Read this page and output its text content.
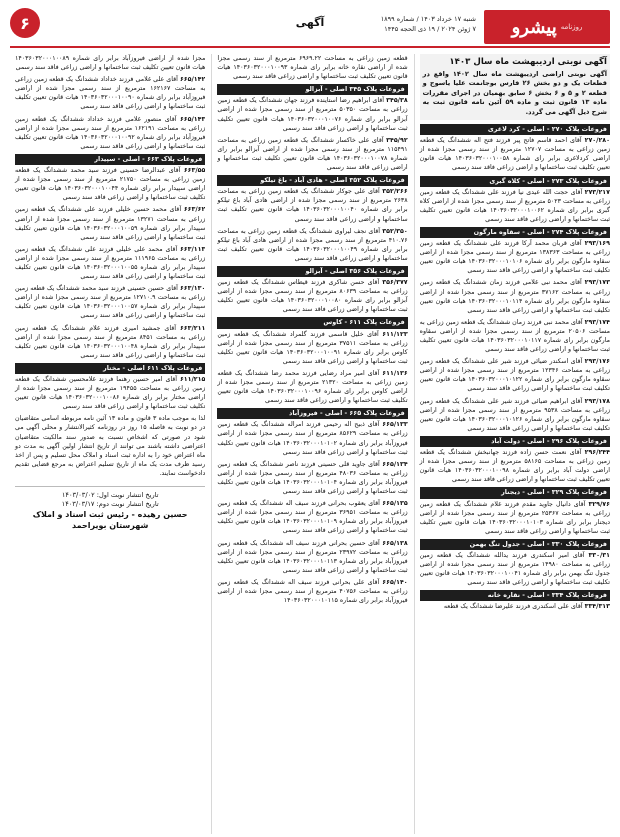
روزنامه
پیشرو
شنبه ۱۷ خرداد ۱۴۰۳ / شماره ۱۸۹۹
۷ ژوئن ۲۰۲۴ / ۱۹ ذی الحجه ۱۴۴۵
آگهی
۶
آگهی نوبتی اردیبهشت ماه سال ۱۴۰۳
آگهی نوبتی اراضی اردیبهشت ماه سال ۱۴۰۲ واقع در قطعات یک و دو بخش ۲۶ فارس بوجانمت علیا یاسوج و قطعه ۲ و ۵ و ۶ بخش ۶ سابق بهمیان در اجرای مقررات ماده ۱۳ قانون ثبت و ماده ۵۹ آئین نامه قانون ثبت به شرح ذیل آگهی می گردد.
فروعات پلاک ۲۷۰ - اصلی - کرد لاغری
۲۷۰/۲۸۰ آقای احمد قاسم فاتح پیر فرزند فتح اله ششدانگ یک قطعه زمین زراعی به مساحت ۱۲۷۰۷ مترمربع از سند رسمی مجزا شده از اراضی کردلاغری برابر رای شماره ۱۴۰۳۶۰۳۲۰۰۰۱۰۰۵۸ هیات قانون تعیین تکلیف ثبت ساختمانها و اراضی زراعی فاقد سند رسمی
فروعات پلاک ۲۷۳ - اصلی - کلاه گبری
۲۷۳/۲۱۷ آقای حجت الله عیدی نیا فرزند علی ششدانگ یک قطعه زمین زراعی به مساحت ۵۰۲۳ مترمربع از سند رسمی مجزا شده از اراضی کلاه گبری برابر رای شماره ۱۴۰۳۶۰۳۲۰۰۰۱۰۰۶۲ هیات قانون تعیین تکلیف ثبت ساختمانها و اراضی زراعی فاقد سند رسمی
فروعات پلاک ۲۷۴ - اصلی - سقاوه مارگون
۲۹۳/۱۶۹ آقای قربان محمد آرکا فرزند علی ششدانگ یک قطعه زمین زراعی به مساحت ۱۳۸۳۶۳ مترمربع از سند رسمی مجزا شده از اراضی سقاوه مارگون برابر رای شماره ۱۴۰۳۶۰۳۲۰۰۰۱۰۱۰۶ هیات قانون تعیین تکلیف ثبت ساختمانها و اراضی زراعی فاقد سند رسمی
۲۹۳/۱۷۳ آقای محمد نبی غلامی فرزند زمان ششدانگ یک قطعه زمین زراعی به مساحت ۳۷۱۶۲ مترمربع از سند رسمی مجزا شده از اراضی سقاوه مارگون برابر رای شماره ۱۴۰۳۶۰۳۲۰۰۰۱۰۱۱۴ هیات قانون تعیین تکلیف ثبت ساختمانها و اراضی زراعی فاقد سند رسمی
۲۹۳/۱۷۴ آقای محمد نبی فرزند زمان ششدانگ یک قطعه زمین زراعی به مساحت ۲۰۵۰۶ مترمربع از سند رسمی مجزا شده از اراضی سقاوه مارگون برابر رای شماره ۱۴۰۳۶۰۳۲۰۰۰۱۰۱۱۷ هیات قانون تعیین تکلیف ثبت ساختمانها و اراضی زراعی فاقد سند رسمی
۲۹۳/۱۷۶ آقای اسکندر ضیائی فرزند شیر علی ششدانگ یک قطعه زمین زراعی به مساحت ۱۲۳۴۶ مترمربع از سند رسمی مجزا شده از اراضی سقاوه مارگون برابر رای شماره ۱۴۰۳۶۰۳۲۰۰۰۱۰۱۲۲ هیات قانون تعیین تکلیف ثبت ساختمانها و اراضی زراعی فاقد سند رسمی
۲۹۳/۱۷۸ آقای ابراهیم ضیائی فرزند شیر علی ششدانگ یک قطعه زمین زراعی به مساحت ۹۵۳۸ مترمربع از سند رسمی مجزا شده از اراضی سقاوه مارگون برابر رای شماره ۱۴۰۳۶۰۳۲۰۰۰۱۰۱۲۶ هیات قانون تعیین تکلیف ثبت ساختمانها و اراضی زراعی فاقد سند رسمی
فروعات پلاک ۲۹۶ - اصلی - دولت آباد
۲۹۶/۲۴۴ آقای نعمت حسن زاده فرزند جهانبخش ششدانگ یک قطعه زمین زراعی به مساحت ۵۸۱۶۵ مترمربع از سند رسمی مجزا شده از اراضی دولت آباد برابر رای شماره ۱۴۰۳۶۰۳۲۰۰۰۱۰۰۹۸ هیات قانون تعیین تکلیف ثبت ساختمانها و اراضی زراعی فاقد سند رسمی
فروعات پلاک ۳۲۹ - اصلی - دیجنار
۳۲۹/۷۶ آقای دانیال جاوید مقدم فرزند غلام ششدانگ یک قطعه زمین زراعی به مساحت ۲۵۳۶۷ مترمربع از سند رسمی مجزا شده از اراضی دیجنار برابر رای شماره ۱۴۰۳۶۰۳۲۰۰۰۱۰۱۰۳ هیات قانون تعیین تکلیف ثبت ساختمانها و اراضی زراعی فاقد سند رسمی
فروعات پلاک ۳۳۰ - اصلی - جدول تنگ بهمن
۳۳۰/۳۱ آقای امیر اسکندری فرزند یدالله ششدانگ یک قطعه زمین زراعی به مساحت ۱۴۹۸۰ مترمربع از سند رسمی مجزا شده از اراضی جدول تنگ بهمن برابر رای شماره ۱۴۰۳۶۰۳۲۰۰۰۱۰۰۴۱ هیات قانون تعیین تکلیف ثبت ساختمانها و اراضی زراعی فاقد سند رسمی
فروعات پلاک ۳۳۴ - اصلی - نقاره خانه
۳۳۴/۳۱۳ آقای علی اسکندری فرزند علیرضا ششدانگ یک قطعه
قطعه زمین زراعی به مساحت ۶۹۶۹.۲۲ مترمربع از سند رسمی مجزا شده از اراضی نقاره خانه برابر رای شماره ۱۴۰۳۶۰۳۲۰۰۰۱۰۰۹۳ هیات قانون تعیین تکلیف ثبت ساختمانها و اراضی زراعی فاقد سند رسمی
فروعات پلاک ۳۴۵ اصلی - آبزالو
۳۴۵/۳۸ آقای ابراهیم رضا استاینده فرزند جهان ششدانگ یک قطعه زمین زراعی به مساحت ۵۰۳۵۰ مترمربع از سند رسمی مجزا شده از اراضی آبزالو برابر رای شماره ۱۴۰۳۶۰۳۲۰۰۰۱۰۰۷۶ هیات قانون تعیین تکلیف ثبت ساختمانها و اراضی زراعی فاقد سند رسمی
۳۴۵/۹۲ آقای علی خاکسار ششدانگ یک قطعه زمین زراعی به مساحت ۱۱۵۴۹۱ مترمربع از سند رسمی مجزا شده از اراضی آبزالو برابر رای شماره ۱۴۰۳۶۰۳۲۰۰۰۱۰۰۷۸ هیات قانون تعیین تکلیف ثبت ساختمانها و اراضی زراعی فاقد سند رسمی
فروعات پلاک ۳۵۲ اصلی - هادی آباد - باغ تیلکو
۳۵۲/۲۶۶ آقای علی جوکار ششدانگ یک قطعه زمین زراعی به مساحت ۲۶۳۸ مترمربع از سند رسمی مجزا شده از اراضی هادی آباد باغ تیلکو برابر رای شماره ۱۴۰۳۶۰۳۲۰۰۰۱۰۰۴۰ هیات قانون تعیین تکلیف ثبت ساختمانها و اراضی زراعی فاقد سند رسمی
۳۵۲/۳۵۰ آقای نجف لیراوی ششدانگ یک قطعه زمین زراعی به مساحت ۴۱۰.۷۶ مترمربع از سند رسمی مجزا شده از اراضی هادی آباد باغ تیلکو برابر رای شماره ۱۴۰۳۶۰۳۲۰۰۰۱۰۰۴۹ هیات قانون تعیین تکلیف ثبت ساختمانها و اراضی زراعی فاقد سند رسمی
فروعات پلاک ۳۵۶ اصلی - آبزالو
۳۵۶/۳۷۷ آقای حسن شاکری فرزند قیطاس ششدانگ یک قطعه زمین زراعی به مساحت ۸۰۶۳۹ مترمربع از سند رسمی مجزا شده از اراضی آبزالو برابر رای شماره ۱۴۰۳۶۰۳۲۰۰۰۱۰۰۸۰ هیات قانون تعیین تکلیف ثبت ساختمانها و اراضی زراعی فاقد سند رسمی
فروعات پلاک ۶۱۱ - کاوس
۶۱۱/۱۲۳ آقای خلیل قاسمی فرزند گلمراد ششدانگ یک قطعه زمین زراعی به مساحت ۳۷۵۱۱ مترمربع از سند رسمی مجزا شده از اراضی کاوس برابر رای شماره ۱۴۰۳۶۰۳۲۰۰۰۱۰۰۹۱ هیات قانون تعیین تکلیف ثبت ساختمانها و اراضی زراعی فاقد سند رسمی
۶۱۱/۱۳۶ آقای امیر مراد رضایی فرزند محمد رضا ششدانگ یک قطعه زمین زراعی به مساحت ۲۱۳۲۰ مترمربع از سند رسمی مجزا شده از اراضی کاوس برابر رای شماره ۱۴۰۳۶۰۳۲۰۰۰۱۰۰۹۶ هیات قانون تعیین تکلیف ثبت ساختمانها و اراضی زراعی فاقد سند رسمی
فروعات پلاک ۶۶۵ - اصلی - فیروزآباد
۶۶۵/۱۳۳ آقای ذبیح اله رحیمی فرزند امراله ششدانگ یک قطعه زمین زراعی به مساحت ۸۵۶۲۹ مترمربع از سند رسمی مجزا شده از اراضی فیروزآباد برابر رای شماره ۱۴۰۳۶۰۳۲۰۰۰۱۰۱۰۲ هیات قانون تعیین تکلیف ثبت ساختمانها و اراضی زراعی فاقد سند رسمی
۶۶۵/۱۳۴ آقای جاوید قلی حسینی فرزند ناصر ششدانگ یک قطعه زمین زراعی به مساحت ۴۸۰۳۶ مترمربع از سند رسمی مجزا شده از اراضی فیروزآباد برابر رای شماره ۱۴۰۳۶۰۳۲۰۰۰۱۰۱۰۴ هیات قانون تعیین تکلیف ثبت ساختمانها و اراضی زراعی فاقد سند رسمی
۶۶۵/۱۳۵ آقای یعقوب بحرانی فرزند سیف اله ششدانگ یک قطعه زمین زراعی به مساحت ۳۶۹۵۱ مترمربع از سند رسمی مجزا شده از اراضی فیروزآباد برابر رای شماره ۱۴۰۳۶۰۳۲۰۰۰۱۰۱۰۹ هیات قانون تعیین تکلیف ثبت ساختمانها و اراضی زراعی فاقد سند رسمی
۶۶۵/۱۳۸ آقای حسین بحرانی فرزند سیف اله ششدانگ یک قطعه زمین زراعی به مساحت ۲۳۹۷۲ مترمربع از سند رسمی مجزا شده از اراضی فیروزآباد برابر رای شماره ۱۴۰۳۶۰۳۲۰۰۰۱۰۱۱۳ هیات قانون تعیین تکلیف ثبت ساختمانها و اراضی زراعی فاقد سند رسمی
۶۶۵/۱۴۰ آقای علی بحرانی فرزند سیف اله ششدانگ یک قطعه زمین زراعی به مساحت ۴۰۷۵۶ مترمربع از سند رسمی مجزا شده از اراضی فیروزآباد برابر رای شماره ۱۴۰۳۶۰۳۲۰۰۰۱۰۱۱۵
مجزا شده از اراضی فیروزآباد برابر رای شماره ۱۴۰۳۶۰۳۲۰۰۰۱۰۰۸۹ هیات قانون تعیین تکلیف ثبت ساختمانها و اراضی زراعی فاقد سند رسمی
۶۶۵/۱۴۲ آقای علی غلامی فرزند خداداد ششدانگ یک قطعه زمین زراعی به مساحت ۱۶۲۱۶۷ مترمربع از سند رسمی مجزا شده از اراضی فیروزآباد برابر رای شماره ۱۴۰۳۶۰۳۲۰۰۰۱۰۰۹۰ هیات قانون تعیین تکلیف ثبت ساختمانها و اراضی زراعی فاقد سند رسمی
۶۶۵/۱۴۳ آقای منصور غلامی فرزند خداداد ششدانگ یک قطعه زمین زراعی به مساحت ۱۶۲۱۹۱ مترمربع از سند رسمی مجزا شده از اراضی فیروزآباد برابر رای شماره ۱۴۰۳۶۰۳۲۰۰۰۱۰۰۹۲ هیات قانون تعیین تکلیف ثبت ساختمانها و اراضی زراعی فاقد سند رسمی
فروعات پلاک ۶۶۳ - اصلی - سپیدار
۶۶۳/۵۵ آقای عبدالرضا حسینی فرزند سید محمد ششدانگ یک قطعه زمین زراعی به مساحت ۲۱۷۵۰ مترمربع از سند رسمی مجزا شده از اراضی سپیدار برابر رای شماره ۱۴۰۳۶۰۳۲۰۰۰۱۰۰۴۴ هیات قانون تعیین تکلیف ثبت ساختمانها و اراضی زراعی فاقد سند رسمی
۶۶۳/۶۲ آقای محمد حسین خلیلی فرزند علی ششدانگ یک قطعه زمین زراعی به مساحت ۱۳۲۷۱ مترمربع از سند رسمی مجزا شده از اراضی سپیدار برابر رای شماره ۱۴۰۳۶۰۳۲۰۰۰۱۰۰۵۹ هیات قانون تعیین تکلیف ثبت ساختمانها و اراضی زراعی فاقد سند رسمی
۶۶۳/۱۱۳ آقای محمد علی خلیلی فرزند علی ششدانگ یک قطعه زمین زراعی به مساحت ۱۱۱۹۶۵ مترمربع از سند رسمی مجزا شده از اراضی سپیدار برابر رای شماره ۱۴۰۳۶۰۳۲۰۰۰۱۰۰۵۵ هیات قانون تعیین تکلیف ثبت ساختمانها و اراضی زراعی فاقد سند رسمی
۶۶۳/۱۳۰ آقای حسین حسینی فرزند سید محمد ششدانگ یک قطعه زمین زراعی به مساحت ۱۲۷۱۰.۹ مترمربع از سند رسمی مجزا شده از اراضی سپیدار برابر رای شماره ۱۴۰۳۶۰۳۲۰۰۰۱۰۰۵۷ هیات قانون تعیین تکلیف ثبت ساختمانها و اراضی زراعی فاقد سند رسمی
۶۶۳/۲۱۱ آقای جمشید امیری فرزند غلام ششدانگ یک قطعه زمین زراعی به مساحت ۸۴۵۱ مترمربع از سند رسمی مجزا شده از اراضی سپیدار برابر رای شماره ۱۴۰۳۶۰۳۲۰۰۰۱۰۰۴۸ هیات قانون تعیین تکلیف ثبت ساختمانها و اراضی زراعی فاقد سند رسمی
فروعات پلاک ۶۱۱ اصلی - مختار
۶۱۱/۲۱۵ آقای امیر حسین رهنما فرزند غلامحسین ششدانگ یک قطعه زمین زراعی به مساحت ۱۹۴۵۵ مترمربع از سند رسمی مجزا شده از اراضی مختار برابر رای شماره ۱۴۰۳۶۰۳۲۰۰۰۱۰۰۸۶ هیات قانون تعیین تکلیف ثبت ساختمانها و اراضی زراعی فاقد سند رسمی
لذا به موجب ماده ۳ قانون و ماده ۱۳ آئین نامه مربوطه اسامی متقاضیان در دو نوبت به فاصله ۱۵ روز در روزنامه کثیرالانتشار و محلی آگهی می شود در صورتی که اشخاص نسبت به صدور سند مالکیت متقاضیان اعتراضی داشته باشند می توانند از تاریخ انتشار اولین آگهی به مدت دو ماه اعتراض خود را به اداره ثبت اسناد و املاک محل تسلیم و پس از اخذ رسید ظرف مدت یک ماه از تاریخ تسلیم اعتراض به مرجع قضایی تقدیم دادخواست نمایند.
تاریخ انتشار نوبت اول: ۱۴۰۳/۰۳/۰۲
تاریخ انتشار نوبت دوم: ۱۴۰۳/۰۳/۱۷
حسین رهیده - رئیس ثبت اسناد و املاک
شهرستان بویراحمد
